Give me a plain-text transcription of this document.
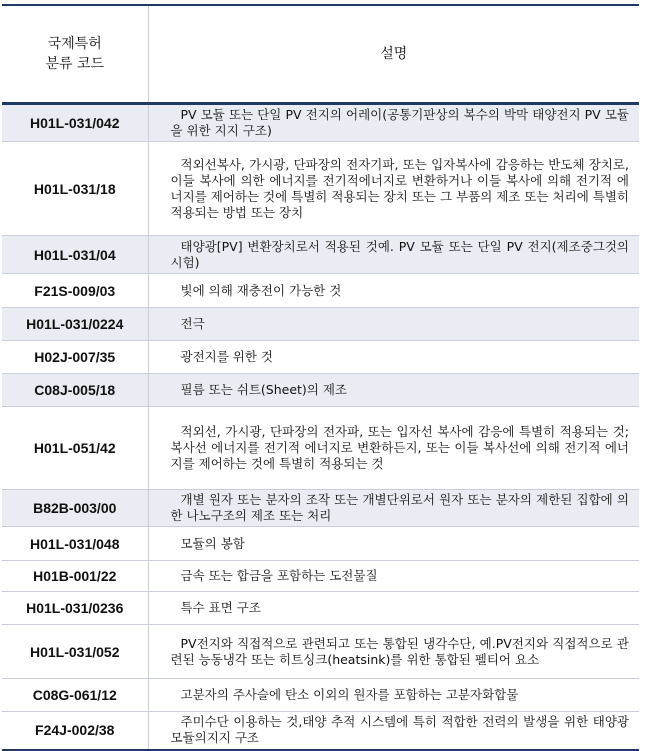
국제특허
분류 코드	설명
H01L-031/042	PV 모듈 또는 단일 PV 전지의 어레이(공통기판상의 복수의 박막 태양전지 PV 모듈을 위한 지지 구조)
H01L-031/18	적외선복사, 가시광, 단파장의 전자기파, 또는 입자복사에 감응하는 반도체 장치로, 이들 복사에 의한 에너지를 전기적에너지로 변환하거나 이들 복사에 의해 전기적 에너지를 제어하는 것에 특별히 적용되는 장치 또는 그 부품의 제조 또는 처리에 특별히 적용되는 방법 또는 장치
H01L-031/04	태양광[PV] 변환장치로서 적용된 것예. PV 모듈 또는 단일 PV 전지(제조중그것의시험)
F21S-009/03	빛에 의해 재충전이 가능한 것
H01L-031/0224	전극
H02J-007/35	광전지를 위한 것
C08J-005/18	필름 또는 쉬트(Sheet)의 제조
H01L-051/42	적외선, 가시광, 단파장의 전자파, 또는 입자선 복사에 감응에 특별히 적용되는 것; 복사선 에너지를 전기적 에너지로 변환하든지, 또는 이들 복사선에 의해 전기적 에너지를 제어하는 것에 특별히 적용되는 것
B82B-003/00	개별 원자 또는 분자의 조작 또는 개별단위로서 원자 또는 분자의 제한된 집합에 의한 나노구조의 제조 또는 처리
H01L-031/048	모듈의 봉함
H01B-001/22	금속 또는 합금을 포함하는 도전물질
H01L-031/0236	특수 표면 구조
H01L-031/052	PV전지와 직접적으로 관련되고 또는 통합된 냉각수단, 예.PV전지와 직접적으로 관련된 능동냉각 또는 히트싱크(heatsink)를 위한 통합된 펠티어 요소
C08G-061/12	고분자의 주사슬에 탄소 이외의 원자를 포함하는 고분자화합물
F24J-002/38	주미수단 이용하는 것,태양 추적 시스템에 특히 적합한 전력의 발생을 위한 태양광 모듈의지지 구조
